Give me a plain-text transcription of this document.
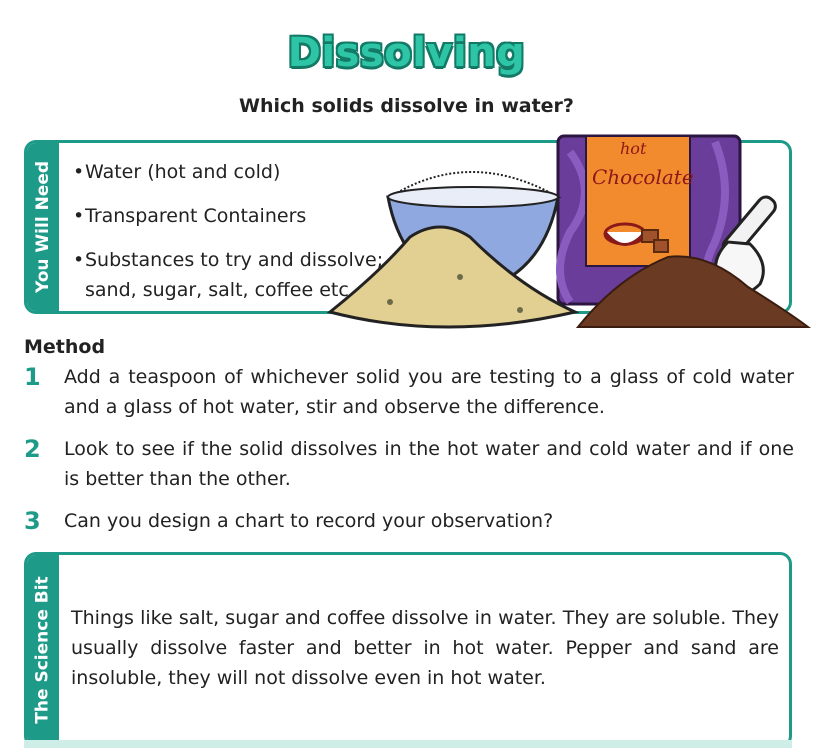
Dissolving
Which solids dissolve in water?
You Will Need • Water (hot and cold)
• Transparent Containers
• Substances to try and dissolve;
sand, sugar, salt, coffee etc
hot
Chocolate
Method
1	Add a teaspoon of whichever solid you are testing to a glass of cold water and a glass of hot water, stir and observe the difference.
2	Look to see if the solid dissolves in the hot water and cold water and if one is better than the other.
3	Can you design a chart to record your observation?
The Science Bit Things like salt, sugar and coffee dissolve in water. They are soluble. They usually dissolve faster and better in hot water. Pepper and sand are insoluble, they will not dissolve even in hot water.
